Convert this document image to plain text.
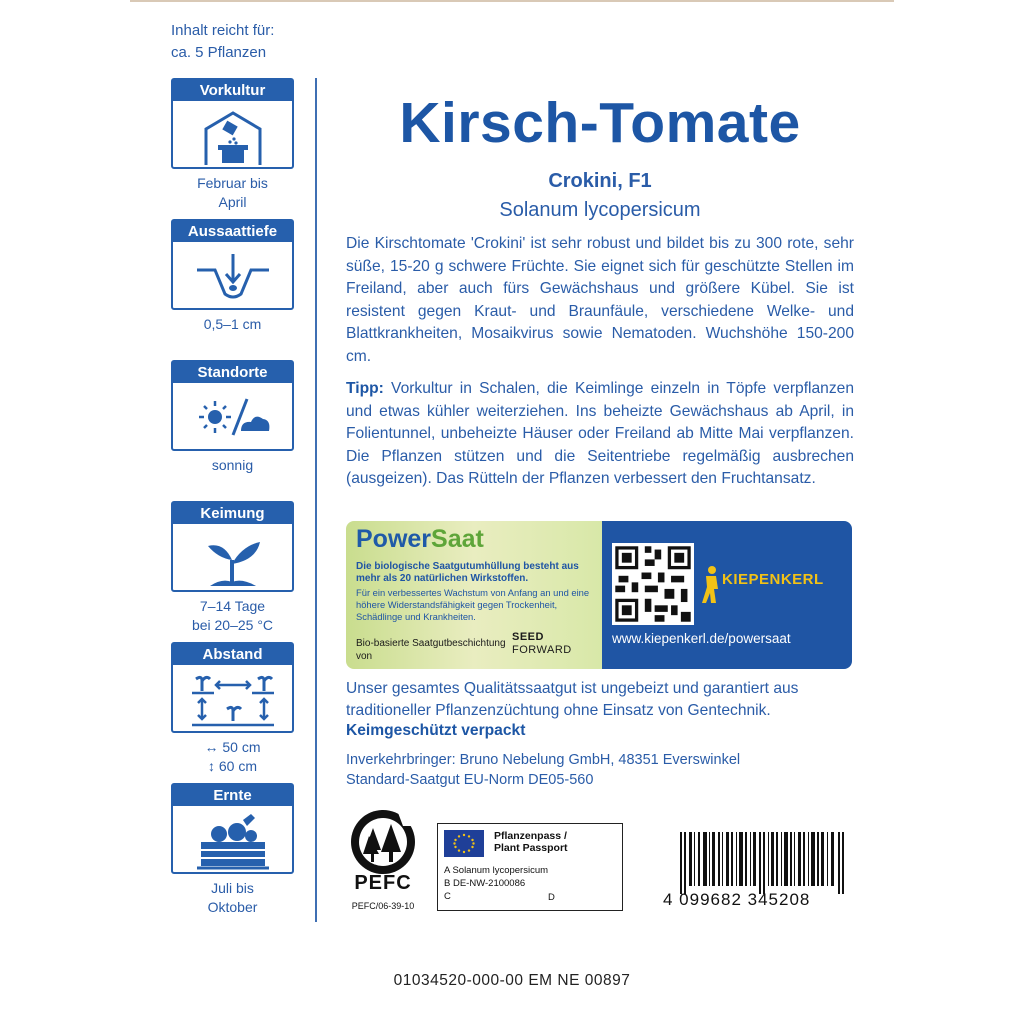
Inhalt reicht für:
ca. 5 Pflanzen
Vorkultur
Februar bis
April
Aussaattiefe
0,5–1 cm
Standorte
sonnig
Keimung
7–14 Tage
bei 20–25 °C
Abstand
↔ 50 cm
↕ 60 cm
Ernte
Juli bis
Oktober
Kirsch-Tomate
Crokini, F1
Solanum lycopersicum
Die Kirschtomate 'Crokini' ist sehr robust und bildet bis zu 300 rote, sehr süße, 15-20 g schwere Früchte. Sie eignet sich für geschützte Stellen im Freiland, aber auch fürs Gewächshaus und größere Kübel. Sie ist resistent gegen Kraut- und Braunfäule, verschiedene Welke- und Blattkrankheiten, Mosaikvirus sowie Nematoden. Wuchshöhe 150-200 cm.
Tipp: Vorkultur in Schalen, die Keimlinge einzeln in Töpfe verpflanzen und etwas kühler weiterziehen. Ins beheizte Gewächshaus ab April, in Folientunnel, unbeheizte Häuser oder Freiland ab Mitte Mai verpflanzen. Die Pflanzen stützen und die Seitentriebe regelmäßig ausbrechen (ausgeizen). Das Rütteln der Pflanzen verbessert den Fruchtansatz.
PowerSaat
Die biologische Saatgutumhüllung besteht aus mehr als 20 natürlichen Wirkstoffen.
Für ein verbessertes Wachstum von Anfang an und eine höhere Widerstandsfähigkeit gegen Trockenheit, Schädlinge und Krankheiten.
Bio-basierte Saatgutbeschichtung von
SEED
FORWARD
KIEPENKERL
www.kiepenkerl.de/powersaat
Unser gesamtes Qualitätssaatgut ist ungebeizt und garantiert aus traditioneller Pflanzenzüchtung ohne Einsatz von Gentechnik.
Keimgeschützt verpackt
Inverkehrbringer: Bruno Nebelung GmbH, 48351 Everswinkel
Standard-Saatgut EU-Norm DE05-560
PEFC
PEFC/06-39-10
Pflanzenpass /
Plant Passport
A Solanum lycopersicum
B DE-NW-2100086
C	D	4 099682 345208
01034520-000-00 EM NE 00897
